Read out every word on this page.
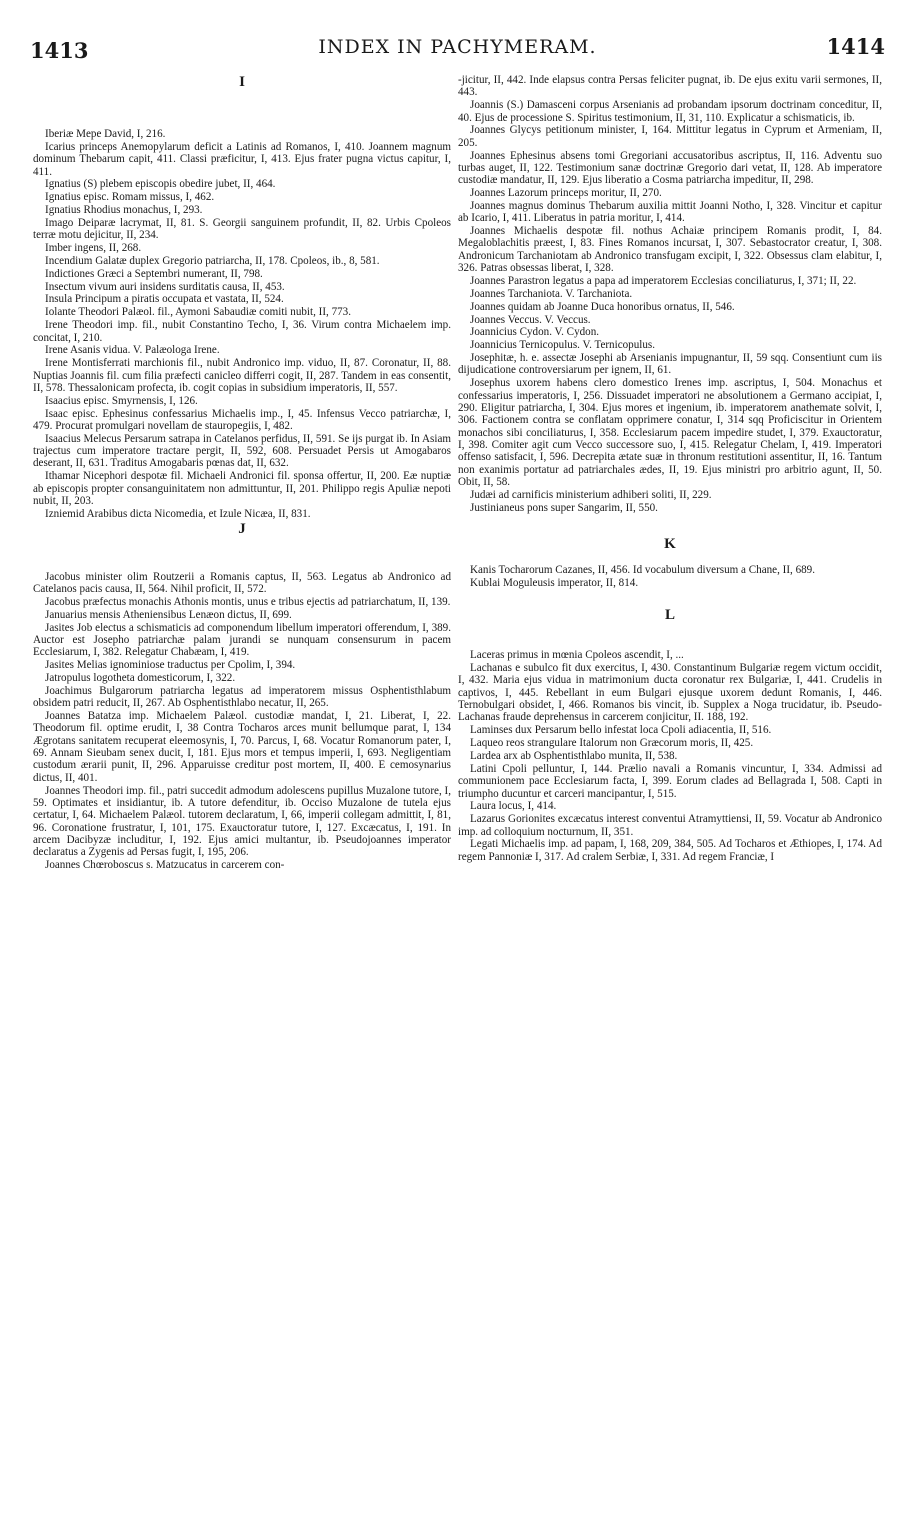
1413	INDEX IN PACHYMERAM.	1414
I
Iberiæ Mepe David, I, 216.
Icarius princeps Anemopylarum deficit a Latinis ad Romanos, I, 410. Joannem magnum dominum Thebarum capit, 411. Classi præficitur, I, 413. Ejus frater pugna victus capitur, I, 411.
Ignatius (S) plebem episcopis obedire jubet, II, 464.
Ignatius episc. Romam missus, I, 462.
Ignatius Rhodius monachus, I, 293.
Imago Deiparæ lacrymat, II, 81. S. Georgii sanguinem profundit, II, 82. Urbis Cpoleos terræ motu dejicitur, II, 234.
Imber ingens, II, 268.
Incendium Galatæ duplex Gregorio patriarcha, II, 178. Cpoleos, ib., 8, 581.
Indictiones Græci a Septembri numerant, II, 798.
Insectum vivum auri insidens surditatis causa, II, 453.
Insula Principum a piratis occupata et vastata, II, 524.
Iolante Theodori Palæol. fil., Aymoni Sabaudiæ comiti nubit, II, 773.
Irene Theodori imp. fil., nubit Constantino Techo, I, 36. Virum contra Michaelem imp. concitat, I, 210.
Irene Asanis vidua. V. Palæologa Irene.
Irene Montisferrati marchionis fil., nubit Andronico imp. viduo, II, 87. Coronatur, II, 88. Nuptias Joannis fil. cum filia præfecti canicleo differri cogit, II, 287. Tandem in eas consentit, II, 578. Thessalonicam profecta, ib. cogit copias in subsidium imperatoris, II, 557.
Isaacius episc. Smyrnensis, I, 126.
Isaac episc. Ephesinus confessarius Michaelis imp., I, 45. Infensus Vecco patriarchæ, I, 479. Procurat promulgari novellam de stauropegiis, I, 482.
Isaacius Melecus Persarum satrapa in Catelanos perfidus, II, 591. Se ijs purgat ib. In Asiam trajectus cum imperatore tractare pergit, II, 592, 608. Persuadet Persis ut Amogabaros deserant, II, 631. Traditus Amogabaris pœnas dat, II, 632.
Ithamar Nicephori despotæ fil. Michaeli Andronici fil. sponsa offertur, II, 200. Eæ nuptiæ ab episcopis propter consanguinitatem non admittuntur, II, 201. Philippo regis Apuliæ nepoti nubit, II, 203.
Izniemid Arabibus dicta Nicomedia, et Izule Nicæa, II, 831.
J
Jacobus minister olim Routzerii a Romanis captus, II, 563. Legatus ab Andronico ad Catelanos pacis causa, II, 564. Nihil proficit, II, 572.
Jacobus præfectus monachis Athonis montis, unus e tribus ejectis ad patriarchatum, II, 139.
Januarius mensis Atheniensibus Lenæon dictus, II, 699.
Jasites Job electus a schismaticis ad componendum libellum imperatori offerendum, I, 389. Auctor est Josepho patriarchæ palam jurandi se nunquam consensurum in pacem Ecclesiarum, I, 382. Relegatur Chabæam, I, 419.
Jasites Melias ignominiose traductus per Cpolim, I, 394.
Jatropulus logotheta domesticorum, I, 322.
Joachimus Bulgarorum patriarcha legatus ad imperatorem missus Osphentisthlabum obsidem patri reducit, II, 267. Ab Osphentisthlabo necatur, II, 265.
Joannes Batatza imp. Michaelem Palæol. custodiæ mandat, I, 21. Liberat, I, 22. Theodorum fil. optime erudit, I, 38 Contra Tocharos arces munit bellumque parat, I, 134 Ægrotans sanitatem recuperat eleemosynis, I, 70. Parcus, I, 68. Vocatur Romanorum pater, I, 69. Annam Sieubam senex ducit, I, 181. Ejus mors et tempus imperii, I, 693. Negligentiam custodum ærarii punit, II, 296. Apparuisse creditur post mortem, II, 400. E cemosynarius dictus, II, 401.
Joannes Theodori imp. fil., patri succedit admodum adolescens pupillus Muzalone tutore, I, 59. Optimates et insidiantur, ib. A tutore defenditur, ib. Occiso Muzalone de tutela ejus certatur, I, 64. Michaelem Palæol. tutorem declaratum, I, 66, imperii collegam admittit, I, 81, 96. Coronatione frustratur, I, 101, 175. Exauctoratur tutore, I, 127. Excæcatus, I, 191. In arcem Dacibyzæ includitur, I, 192. Ejus amici multantur, ib. Pseudojoannes imperator declaratus a Zygenis ad Persas fugit, I, 195, 206.
Joannes Chœroboscus s. Matzucatus in carcerem con-
-jicitur, II, 442. Inde elapsus contra Persas feliciter pugnat, ib. De ejus exitu varii sermones, II, 443.
Joannis (S.) Damasceni corpus Arsenianis ad probandam ipsorum doctrinam conceditur, II, 40. Ejus de processione S. Spiritus testimonium, II, 31, 110. Explicatur a schismaticis, ib.
Joannes Glycys petitionum minister, I, 164. Mittitur legatus in Cyprum et Armeniam, II, 205.
Joannes Ephesinus absens tomi Gregoriani accusatoribus ascriptus, II, 116. Adventu suo turbas auget, II, 122. Testimonium sanæ doctrinæ Gregorio dari vetat, II, 128. Ab imperatore custodiæ mandatur, II, 129. Ejus liberatio a Cosma patriarcha impeditur, II, 298.
Joannes Lazorum princeps moritur, II, 270.
Joannes magnus dominus Thebarum auxilia mittit Joanni Notho, I, 328. Vincitur et capitur ab Icario, I, 411. Liberatus in patria moritur, I, 414.
Joannes Michaelis despotæ fil. nothus Achaiæ principem Romanis prodit, I, 84. Megaloblachitis præest, I, 83. Fines Romanos incursat, I, 307. Sebastocrator creatur, I, 308. Andronicum Tarchaniotam ab Andronico transfugam excipit, I, 322. Obsessus clam elabitur, I, 326. Patras obsessas liberat, I, 328.
Joannes Parastron legatus a papa ad imperatorem Ecclesias conciliaturus, I, 371; II, 22.
Joannes Tarchaniota. V. Tarchaniota.
Joannes quidam ab Joanne Duca honoribus ornatus, II, 546.
Joannes Veccus. V. Veccus.
Joannicius Cydon. V. Cydon.
Joannicius Ternicopulus. V. Ternicopulus.
Josephitæ, h. e. assectæ Josephi ab Arsenianis impugnantur, II, 59 sqq. Consentiunt cum iis dijudicatione controversiarum per ignem, II, 61.
Josephus uxorem habens clero domestico Irenes imp. ascriptus, I, 504. Monachus et confessarius imperatoris, I, 256. Dissuadet imperatori ne absolutionem a Germano accipiat, I, 290. Eligitur patriarcha, I, 304. Ejus mores et ingenium, ib. imperatorem anathemate solvit, I, 306. Factionem contra se conflatam opprimere conatur, I, 314 sqq Proficiscitur in Orientem monachos sibi conciliaturus, I, 358. Ecclesiarum pacem impedire studet, I, 379. Exauctoratur, I, 398. Comiter agit cum Vecco successore suo, I, 415. Relegatur Chelam, I, 419. Imperatori offenso satisfacit, I, 596. Decrepita ætate suæ in thronum restitutioni assentitur, II, 16. Tantum non exanimis portatur ad patriarchales ædes, II, 19. Ejus ministri pro arbitrio agunt, II, 50. Obit, II, 58.
Judæi ad carnificis ministerium adhiberi soliti, II, 229.
Justinianeus pons super Sangarim, II, 550.
K
Kanis Tocharorum Cazanes, II, 456. Id vocabulum diversum a Chane, II, 689.
Kublai Moguleusis imperator, II, 814.
L
Laceras primus in mœnia Cpoleos ascendit, I, ...
Lachanas e subulco fit dux exercitus, I, 430. Constantinum Bulgariæ regem victum occidit, I, 432. Maria ejus vidua in matrimonium ducta coronatur rex Bulgariæ, I, 441. Crudelis in captivos, I, 445. Rebellant in eum Bulgari ejusque uxorem dedunt Romanis, I, 446. Ternobulgari obsidet, I, 466. Romanos bis vincit, ib. Supplex a Noga trucidatur, ib. Pseudo-Lachanas fraude deprehensus in carcerem conjicitur, II. 188, 192.
Laminses dux Persarum bello infestat loca Cpoli adiacentia, II, 516.
Laqueo reos strangulare Italorum non Græcorum moris, II, 425.
Lardea arx ab Osphentisthlabo munita, II, 538.
Latini Cpoli pelluntur, I, 144. Prælio navali a Romanis vincuntur, I, 334. Admissi ad communionem pace Ecclesiarum facta, I, 399. Eorum clades ad Bellagrada I, 508. Capti in triumpho ducuntur et carceri mancipantur, I, 515.
Laura locus, I, 414.
Lazarus Gorionites excæcatus interest conventui Atramyttiensi, II, 59. Vocatur ab Andronico imp. ad colloquium nocturnum, II, 351.
Legati Michaelis imp. ad papam, I, 168, 209, 384, 505. Ad Tocharos et Æthiopes, I, 174. Ad regem Pannoniæ I, 317. Ad cralem Serbiæ, I, 331. Ad regem Franciæ, I
